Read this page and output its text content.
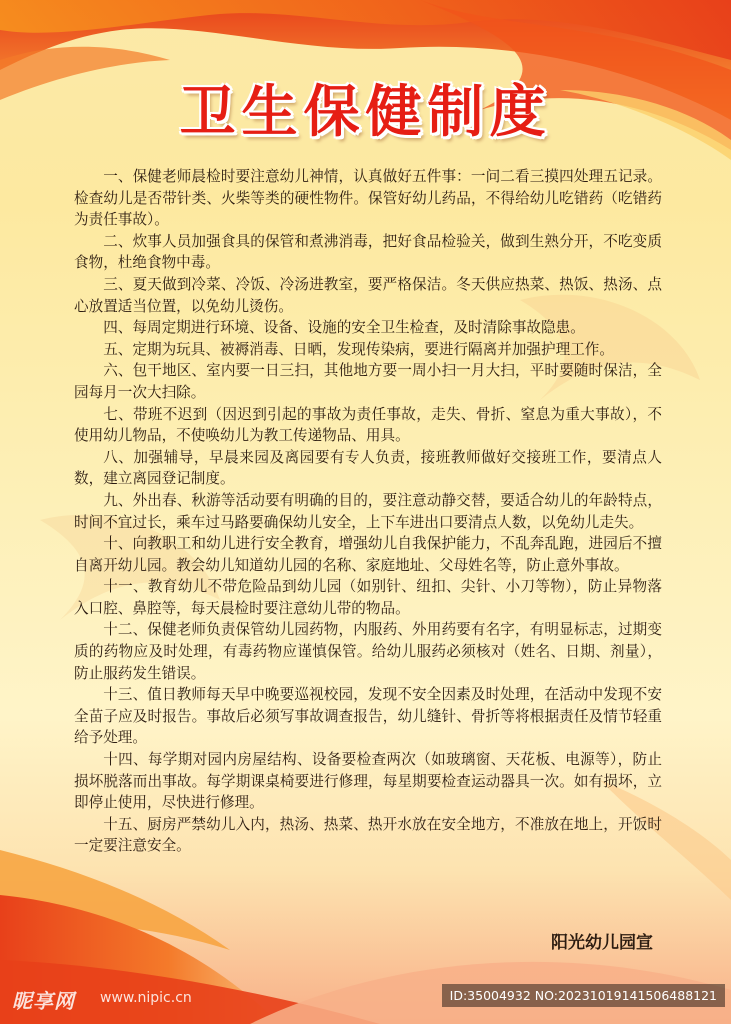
卫生保健制度

一、保健老师晨检时要注意幼儿神情，认真做好五件事：一问二看三摸四处理五记录。检查幼儿是否带针类、火柴等类的硬性物件。保管好幼儿药品，不得给幼儿吃错药（吃错药为责任事故）。

二、炊事人员加强食具的保管和煮沸消毒，把好食品检验关，做到生熟分开，不吃变质食物，杜绝食物中毒。

三、夏天做到冷菜、冷饭、冷汤进教室，要严格保洁。冬天供应热菜、热饭、热汤、点心放置适当位置，以免幼儿烫伤。

四、每周定期进行环境、设备、设施的安全卫生检查，及时清除事故隐患。

五、定期为玩具、被褥消毒、日晒，发现传染病，要进行隔离并加强护理工作。

六、包干地区、室内要一日三扫，其他地方要一周小扫一月大扫，平时要随时保洁，全园每月一次大扫除。

七、带班不迟到（因迟到引起的事故为责任事故，走失、骨折、窒息为重大事故），不使用幼儿物品，不使唤幼儿为教工传递物品、用具。

八、加强辅导，早晨来园及离园要有专人负责，接班教师做好交接班工作，要清点人数，建立离园登记制度。

九、外出春、秋游等活动要有明确的目的，要注意动静交替，要适合幼儿的年龄特点，时间不宜过长，乘车过马路要确保幼儿安全，上下车进出口要清点人数，以免幼儿走失。

十、向教职工和幼儿进行安全教育，增强幼儿自我保护能力，不乱奔乱跑，进园后不擅自离开幼儿园。教会幼儿知道幼儿园的名称、家庭地址、父母姓名等，防止意外事故。

十一、教育幼儿不带危险品到幼儿园（如别针、纽扣、尖针、小刀等物），防止异物落入口腔、鼻腔等，每天晨检时要注意幼儿带的物品。

十二、保健老师负责保管幼儿园药物，内服药、外用药要有名字，有明显标志，过期变质的药物应及时处理，有毒药物应谨慎保管。给幼儿服药必须核对（姓名、日期、剂量），防止服药发生错误。

十三、值日教师每天早中晚要巡视校园，发现不安全因素及时处理，在活动中发现不安全苗子应及时报告。事故后必须写事故调查报告，幼儿缝针、骨折等将根据责任及情节轻重给予处理。

十四、每学期对园内房屋结构、设备要检查两次（如玻璃窗、天花板、电源等），防止损坏脱落而出事故。每学期课桌椅要进行修理，每星期要检查运动器具一次。如有损坏，立即停止使用，尽快进行修理。

十五、厨房严禁幼儿入内，热汤、热菜、热开水放在安全地方，不准放在地上，开饭时一定要注意安全。

阳光幼儿园宣
昵享网 www.nipic.cn	ID:35004932 NO:20231019141506488121
